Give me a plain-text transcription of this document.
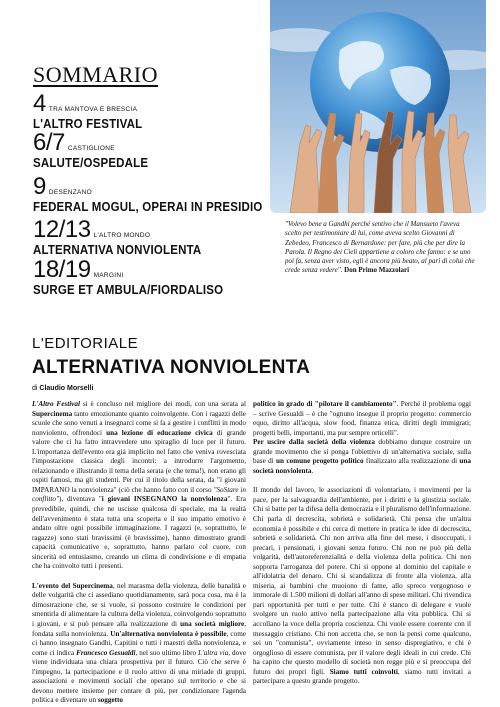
SOMMARIO
4 TRA MANTOVA E BRESCIA
L'ALTRO FESTIVAL
6/7 CASTIGLIONE
SALUTE/OSPEDALE
9 DESENZANO
FEDERAL MOGUL, OPERAI IN PRESIDIO
12/13 L'ALTRO MONDO
ALTERNATIVA NONVIOLENTA
18/19 MARGINI
SURGE ET AMBULA/FIORDALISO
"Volevo bene a Gandhi perché sentivo che il Mansueto l'aveva scelto per testimoniare di lui, come aveva scelto Giovanni di Zebedeo, Francesco di Bernardone: per fare, più che per dire la Parola. Il Regno dei Cieli appartiene a coloro che fanno: e se uno poi fa, senza aver visto, egli è ancora più beato, al pari di colui che crede senza vedere". Don Primo Mazzolari
L'EDITORIALE
ALTERNATIVA NONVIOLENTA
di Claudio Morselli

L'Altro Festival si è concluso nel migliore dei modi, con una serata al Supercinema tanto emozionante quanto coinvolgente. Con i ragazzi delle scuole che sono venuti a insegnarci come si fa a gestire i conflitti in modo nonviolento, offrendoci una lezione di educazione civica di grande valore che ci ha fatto intravvedere uno spiraglio di luce per il futuro. L'importanza dell'evento era già implicito nel fatto che veniva rovesciata l'impostazione classica degli incontri: a introdurre l'argomento, relazionando e illustrando il tema della serata (e che tema!), non erano gli ospiti famosi, ma gli studenti. Per cui il titolo della serata, da "i giovani IMPARANO la nonviolenza" (ciò che hanno fatto con il corso "SoStare in conflitto"), diventava "i giovani INSEGNANO la nonviolenza". Era prevedibile, quindi, che ne uscisse qualcosa di speciale, ma la realtà dell'avvenimento è stata tutta una scoperta e il suo impatto emotivo è andato oltre ogni possibile immaginazione. I ragazzi (e, soprattutto, le ragazze) sono stati bravissimi (è bravissime), hanno dimostrato grandi capacità comunicative e, soprattutto, hanno parlato col cuore, con sincerità ed entusiasmo, creando un clima di condivisione e di empatia che ha coinvolto tutti i presenti.

L'evento del Supercinema, nel marasma della violenza, delle banalità e delle volgarità che ci assediano quotidianamente, sarà poca cosa, ma è la dimostrazione che, se si vuole, si possono costruire le condizioni per smentirla di alimentare la cultura della violenza, coinvolgendo soprattutto i giovani, e si può pensare alla realizzazione di una società migliore, fondata sulla nonviolenza. Un'alternativa nonviolenta è possibile, come ci hanno insegnato Gandhi, Capitini e tutti i maestri della nonviolenza, e come ci indica Francesco Gesualdi, nel suo ultimo libro L'altra via, dove viene individuata una chiara prospettiva per il futuro. Ciò che serve è l'impegno, la partecipazione e il ruolo attivo di una miriade di gruppi, associazioni e movimenti sociali che operano sul territorio e che si devono mettere insieme per contare di più, per condizionare l'agenda politica e diventare un soggetto

politico in grado di "pilotare il cambiamento". Perché il problema oggi – scrive Gesualdi – è che "ognuno insegue il proprio progetto: commercio equo, diritto all'acqua, slow food, finanza etica, diritti degli immigrati; progetti belli, importanti, ma pur sempre orticelli".

Per uscire dalla società della violenza dobbiamo dunque costruire un grande movimento che si ponga l'obiettivo di un'alternativa sociale, sulla base di un comune progetto politico finalizzato alla realizzazione di una società nonviolenta.

Il mondo del lavoro, le associazioni di volontariato, i movimenti per la pace, per la salvaguardia dell'ambiente, per i diritti e la giustizia sociale. Chi si batte per la difesa della democrazia e il pluralismo dell'informazione. Chi parla di decrescita, sobrietà e solidarietà. Chi pensa che un'altra economia è possibile e chi cerca di mettere in pratica le idee di decrescita, sobrietà e solidarietà. Chi non arriva alla fine del mese, i disoccupati, i precari, i pensionati, i giovani senza futuro. Chi non ne può più della volgarità, dell'autoreferenzialità e della violenza della politica. Chi non sopporta l'arroganza del potere. Chi si oppone al dominio del capitale e all'idolatria del denaro. Chi si scandalizza di fronte alla violenza, alla miseria, ai bambini che muoiono di fame, allo spreco vergognoso e immorale di 1.500 milioni di dollari all'anno di spese militari. Chi rivendica pari opportunità per tutti e per tutte. Chi è stanco di delegare e vuole svolgere un ruolo attivo nella partecipazione alla vita pubblica. Chi si accollano la voce della propria coscienza. Chi vuole essere coerente con il messaggio cristiano. Chi non accetta che, se non la pensi come qualcuno, sei un "comunista", ovviamente inteso in senso dispregiativo, e chi è orgoglioso di essere comunista, per il valore degli ideali in cui crede. Chi ha capito che questo modello di società non regge più e si preoccupa del futuro dei propri figli. Siamo tutti coinvolti, siamo tutti invitati a partecipare a questo grande progetto.
